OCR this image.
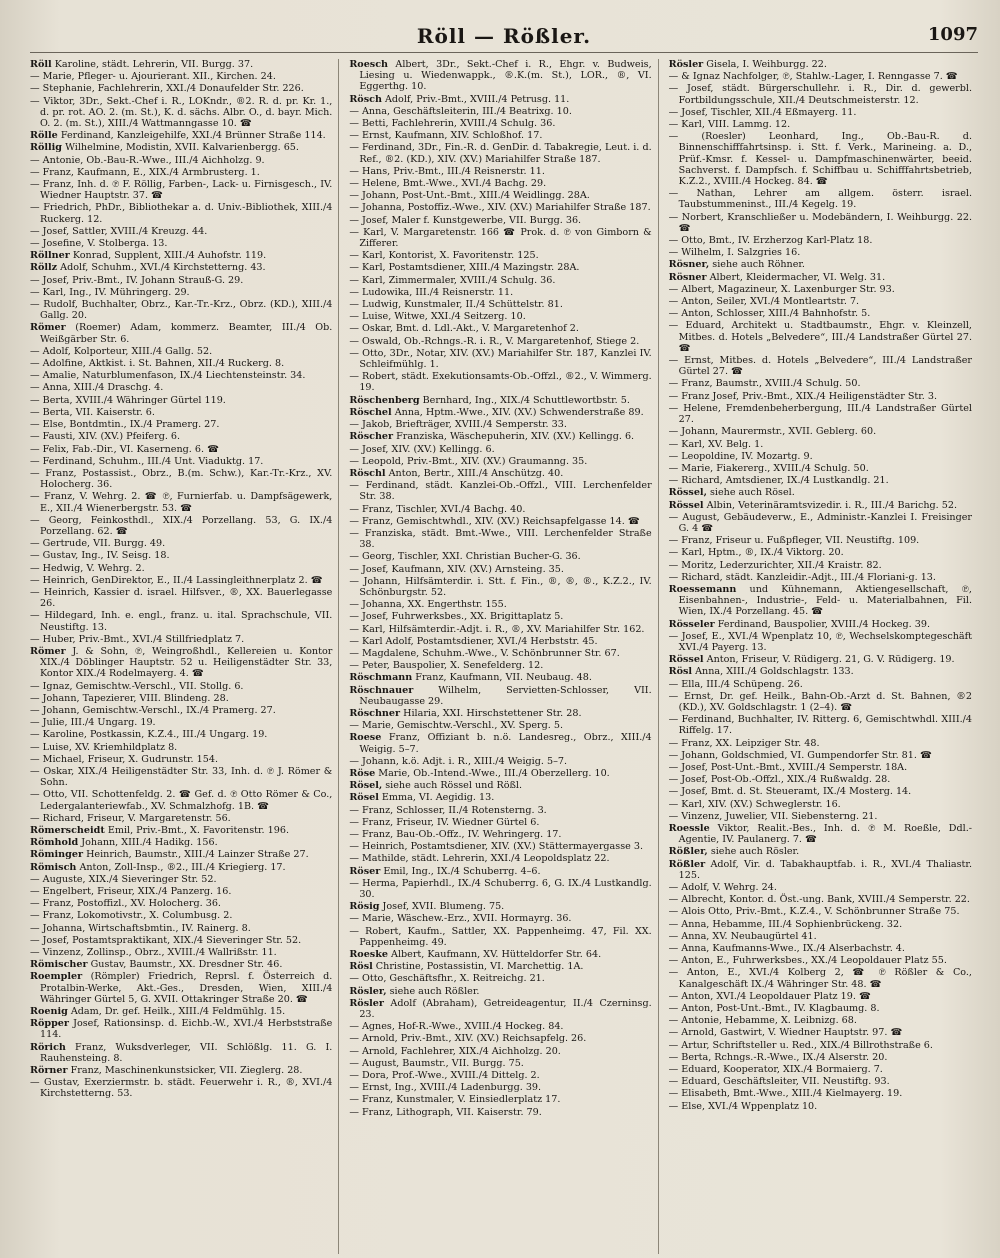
Röll — Rößler.	1097
Röll Karoline, städt. Lehrerin, VII. Burgg. 37.
— Marie, Pfleger- u. Ajourierant. XII., Kirchen. 24.
— Stephanie, Fachlehrerin, XXI./4 Donaufelder Str. 226.
— Viktor, 3Dr., Sekt.-Chef i. R., LOKndr., ®2. R. d. pr. Kr. 1., d. pr. rot. AO. 2. (m. St.), K. d. sächs. Albr. O., d. bayr. Mich. O. 2. (m. St.), XIII./4 Wattmanngasse 10. ☎
Rölle Ferdinand, Kanzleigehilfe, XXI./4 Brünner Straße 114.
Röllig Wilhelmine, Modistin, XVII. Kalvarienbergg. 65.
— Antonie, Ob.-Bau-R.-Wwe., III./4 Aichholzg. 9.
— Franz, Kaufmann, E., XIX./4 Armbrusterg. 1.
— Franz, Inh. d. ℗ F. Röllig, Farben-, Lack- u. Firnisgesch., IV. Wiedner Hauptstr. 37. ☎
— Friedrich, PhDr., Bibliothekar a. d. Univ.-Bibliothek, XIII./4 Ruckerg. 12.
— Josef, Sattler, XVIII./4 Kreuzg. 44.
— Josefine, V. Stolberga. 13.
Röllner Konrad, Supplent, XIII./4 Auhofstr. 119.
Röllz Adolf, Schuhm., XVI./4 Kirchstetterng. 43.
— Josef, Priv.-Bmt., IV. Johann Strauß-G. 29.
— Karl, Ing., IV. Mühringerg. 29.
— Rudolf, Buchhalter, Obrz., Kar.-Tr.-Krz., Obrz. (KD.), XIII./4 Gallg. 20.
Römer (Roemer) Adam, kommerz. Beamter, III./4 Ob. Weißgärber Str. 6.
— Adolf, Kolporteur, XIII./4 Gallg. 52.
— Adolfine, Aktkist. i. St. Bahnen, XII./4 Ruckerg. 8.
— Amalie, Naturblumenfason, IX./4 Liechtensteinstr. 34.
— Anna, XIII./4 Draschg. 4.
— Berta, XVIII./4 Währinger Gürtel 119.
— Berta, VII. Kaiserstr. 6.
— Else, Bontdmtin., IX./4 Pramerg. 27.
— Fausti, XIV. (XV.) Pfeiferg. 6.
— Felix, Fab.-Dir., VI. Kaserneng. 6. ☎
— Ferdinand, Schuhm., III./4 Unt. Viaduktg. 17.
— Franz, Postassist., Obrz., B.(m. Schw.), Kar.-Tr.-Krz., XV. Holocherg. 36.
— Franz, V. Wehrg. 2. ☎ ℗, Furnierfab. u. Dampfsägewerk, E., XII./4 Wienerbergstr. 53. ☎
— Georg, Feinkosthdl., XIX./4 Porzellang. 53, G. IX./4 Porzellang. 62. ☎
— Gertrude, VII. Burgg. 49.
— Gustav, Ing., IV. Seisg. 18.
— Hedwig, V. Wehrg. 2.
— Heinrich, GenDirektor, E., II./4 Lassingleithnerplatz 2. ☎
— Heinrich, Kassier d. israel. Hilfsver., ®, XX. Bauerlegasse 26.
— Hildegard, Inh. e. engl., franz. u. ital. Sprachschule, VII. Neustiftg. 13.
— Huber, Priv.-Bmt., XVI./4 Stillfriedplatz 7.
Römer J. & Sohn, ℗, Weingroßhdl., Kellereien u. Kontor XIX./4 Döblinger Hauptstr. 52 u. Heiligenstädter Str. 33, Kontor XIX./4 Rodelmayerg. 4. ☎
— Ignaz, Gemischtw.-Verschl., VII. Stollg. 6.
— Johann, Tapezierer, VIII. Blindeng. 28.
— Johann, Gemischtw.-Verschl., IX./4 Pramerg. 27.
— Julie, III./4 Ungarg. 19.
— Karoline, Postkassin, K.Z.4., III./4 Ungarg. 19.
— Luise, XV. Kriemhildplatz 8.
— Michael, Friseur, X. Gudrunstr. 154.
— Oskar, XIX./4 Heiligenstädter Str. 33, Inh. d. ℗ J. Römer & Sohn.
— Otto, VII. Schottenfeldg. 2. ☎ Gef. d. ℗ Otto Römer & Co., Ledergalanteriewfab., XV. Schmalzhofg. 1B. ☎
— Richard, Friseur, V. Margaretenstr. 56.
Römerscheidt Emil, Priv.-Bmt., X. Favoritenstr. 196.
Römhold Johann, XIII./4 Hadikg. 156.
Röminger Heinrich, Baumstr., XIII./4 Lainzer Straße 27.
Römisch Anton, Zoll-Insp., ®2., III./4 Kriegierg. 17.
— Auguste, XIX./4 Sieveringer Str. 52.
— Engelbert, Friseur, XIX./4 Panzerg. 16.
— Franz, Postoffizl., XV. Holocherg. 36.
— Franz, Lokomotivstr., X. Columbusg. 2.
— Johanna, Wirtschaftsbmtin., IV. Rainerg. 8.
— Josef, Postamtspraktikant, XIX./4 Sieveringer Str. 52.
— Vinzenz, Zollinsp., Obrz., XVIII./4 Wallrißstr. 11.
Römischer Gustav, Baumstr., XX. Dresdner Str. 46.
Roempler (Römpler) Friedrich, Reprsl. f. Österreich d. Protalbin-Werke, Akt.-Ges., Dresden, Wien, XIII./4 Währinger Gürtel 5, G. XVII. Ottakringer Straße 20. ☎
Roenig Adam, Dr. gef. Heilk., XIII./4 Feldmühlg. 15.
Röpper Josef, Rationsinsp. d. Eichb.-W., XVI./4 Herbststraße 114.
Rörich Franz, Wuksdverleger, VII. Schlößlg. 11. G. I. Rauhensteing. 8.
Rörner Franz, Maschinenkunstsicker, VII. Zieglerg. 28.
— Gustav, Exerziermstr. b. städt. Feuerwehr i. R., ®, XVI./4 Kirchstetterng. 53.
Roesch Albert, 3Dr., Sekt.-Chef i. R., Ehgr. v. Budweis, Liesing u. Wiedenwappk., ®.K.(m. St.), LOR., ®, VI. Eggerthg. 10.
Rösch Adolf, Priv.-Bmt., XVIII./4 Petrusg. 11.
— Anna, Geschäftsleiterin, III./4 Beatrixg. 10.
— Betti, Fachlehrerin, XVIII./4 Schulg. 36.
— Ernst, Kaufmann, XIV. Schloßhof. 17.
— Ferdinand, 3Dr., Fin.-R. d. GenDir. d. Tabakregie, Leut. i. d. Ref., ®2. (KD.), XIV. (XV.) Mariahilfer Straße 187.
— Hans, Priv.-Bmt., III./4 Reisnerstr. 11.
— Helene, Bmt.-Wwe., XVI./4 Bachg. 29.
— Johann, Post-Unt.-Bmt., XIII./4 Weidlingg. 28A.
— Johanna, Postoffiz.-Wwe., XIV. (XV.) Mariahilfer Straße 187.
— Josef, Maler f. Kunstgewerbe, VII. Burgg. 36.
— Karl, V. Margaretenstr. 166 ☎ Prok. d. ℗ von Gimborn & Zifferer.
— Karl, Kontorist, X. Favoritenstr. 125.
— Karl, Postamtsdiener, XIII./4 Mazingstr. 28A.
— Karl, Zimmermaler, XVIII./4 Schulg. 36.
— Ludowika, III./4 Reisnerstr. 11.
— Ludwig, Kunstmaler, II./4 Schüttelstr. 81.
— Luise, Witwe, XXI./4 Seitzerg. 10.
— Oskar, Bmt. d. Ldl.-Akt., V. Margaretenhof 2.
— Oswald, Ob.-Rchngs.-R. i. R., V. Margaretenhof, Stiege 2.
— Otto, 3Dr., Notar, XIV. (XV.) Mariahilfer Str. 187, Kanzlei IV. Schleifmühlg. 1.
— Robert, städt. Exekutionsamts-Ob.-Offzl., ®2., V. Wimmerg. 19.
Röschenberg Bernhard, Ing., XIX./4 Schuttlewortbstr. 5.
Röschel Anna, Hptm.-Wwe., XIV. (XV.) Schwenderstraße 89.
— Jakob, Briefträger, XVIII./4 Semperstr. 33.
Röscher Franziska, Wäschepuherin, XIV. (XV.) Kellingg. 6.
— Josef, XIV. (XV.) Kellingg. 6.
— Leopold, Priv.-Bmt., XIV. (XV.) Graumanng. 35.
Röschl Anton, Bertr., XIII./4 Anschützg. 40.
— Ferdinand, städt. Kanzlei-Ob.-Offzl., VIII. Lerchenfelder Str. 38.
— Franz, Tischler, XVI./4 Bachg. 40.
— Franz, Gemischtwhdl., XIV. (XV.) Reichsapfelgasse 14. ☎
— Franziska, städt. Bmt.-Wwe., VIII. Lerchenfelder Straße 38.
— Georg, Tischler, XXI. Christian Bucher-G. 36.
— Josef, Kaufmann, XIV. (XV.) Arnsteing. 35.
— Johann, Hilfsämterdir. i. Stt. f. Fin., ®, ®, ®., K.Z.2., IV. Schönburgstr. 52.
— Johanna, XX. Engerthstr. 155.
— Josef, Fuhrwerksbes., XX. Brigittaplatz 5.
— Karl, Hilfsämterdir.-Adjt. i. R., ®, XV. Mariahilfer Str. 162.
— Karl Adolf, Postamtsdiener, XVI./4 Herbststr. 45.
— Magdalene, Schuhm.-Wwe., V. Schönbrunner Str. 67.
— Peter, Bauspolier, X. Senefelderg. 12.
Röschmann Franz, Kaufmann, VII. Neubaug. 48.
Röschnauer Wilhelm, Servietten-Schlosser, VII. Neubaugasse 29.
Röschner Hilaria, XXI. Hirschstettener Str. 28.
— Marie, Gemischtw.-Verschl., XV. Sperg. 5.
Roese Franz, Offiziant b. n.ö. Landesreg., Obrz., XIII./4 Weigig. 5–7.
— Johann, k.ö. Adjt. i. R., XIII./4 Weigig. 5–7.
Röse Marie, Ob.-Intend.-Wwe., III./4 Oberzellerg. 10.
Rösel, siehe auch Rössel und Rößl.
Rösel Emma, VI. Aegidig. 13.
— Franz, Schlosser, II./4 Rotensterng. 3.
— Franz, Friseur, IV. Wiedner Gürtel 6.
— Franz, Bau-Ob.-Offz., IV. Wehringerg. 17.
— Heinrich, Postamtsdiener, XIV. (XV.) Stättermayergasse 3.
— Mathilde, städt. Lehrerin, XXI./4 Leopoldsplatz 22.
Röser Emil, Ing., IX./4 Schuberrg. 4–6.
— Herma, Papierhdl., IX./4 Schuberrg. 6, G. IX./4 Lustkandlg. 30.
Rösig Josef, XVII. Blumeng. 75.
— Marie, Wäschew.-Erz., XVII. Hormayrg. 36.
— Robert, Kaufm., Sattler, XX. Pappenheimg. 47, Fil. XX. Pappenheimg. 49.
Roeske Albert, Kaufmann, XV. Hütteldorfer Str. 64.
Rösl Christine, Postassistin, VI. Marchettig. 1A.
— Otto, Geschäftsfhr., X. Reitreichg. 21.
Rösler, siehe auch Rößler.
Rösler Adolf (Abraham), Getreideagentur, II./4 Czerninsg. 23.
— Agnes, Hof-R.-Wwe., XVIII./4 Hockeg. 84.
— Arnold, Priv.-Bmt., XIV. (XV.) Reichsapfelg. 26.
— Arnold, Fachlehrer, XIX./4 Aichholzg. 20.
— August, Baumstr., VII. Burgg. 75.
— Dora, Prof.-Wwe., XVIII./4 Dittelg. 2.
— Ernst, Ing., XVIII./4 Ladenburgg. 39.
— Franz, Kunstmaler, V. Einsiedlerplatz 17.
— Franz, Lithograph, VII. Kaiserstr. 79.
Rösler Gisela, I. Weihburgg. 22.
— & Ignaz Nachfolger, ℗, Stahlw.-Lager, I. Renngasse 7. ☎
— Josef, städt. Bürgerschullehr. i. R., Dir. d. gewerbl. Fortbildungsschule, XII./4 Deutschmeisterstr. 12.
— Josef, Tischler, XII./4 Eßmayerg. 11.
— Karl, VIII. Lammg. 12.
— (Roesler) Leonhard, Ing., Ob.-Bau-R. d. Binnenschifffahrtsinsp. i. Stt. f. Verk., Marineing. a. D., Prüf.-Kmsr. f. Kessel- u. Dampfmaschinenwärter, beeid. Sachverst. f. Dampfsch. f. Schiffbau u. Schifffahrtsbetrieb, K.Z.2., XVIII./4 Hockeg. 84. ☎
— Nathan, Lehrer am allgem. österr. israel. Taubstummeninst., III./4 Kegelg. 19.
— Norbert, Kranschließer u. Modebändern, I. Weihburgg. 22. ☎
— Otto, Bmt., IV. Erzherzog Karl-Platz 18.
— Wilhelm, I. Salzgries 16.
Rösner, siehe auch Röhner.
Rösner Albert, Kleidermacher, VI. Welg. 31.
— Albert, Magazineur, X. Laxenburger Str. 93.
— Anton, Seiler, XVI./4 Montleartstr. 7.
— Anton, Schlosser, XIII./4 Bahnhofstr. 5.
— Eduard, Architekt u. Stadtbaumstr., Ehgr. v. Kleinzell, Mitbes. d. Hotels „Belvedere“, III./4 Landstraßer Gürtel 27. ☎
— Ernst, Mitbes. d. Hotels „Belvedere“, III./4 Landstraßer Gürtel 27. ☎
— Franz, Baumstr., XVIII./4 Schulg. 50.
— Franz Josef, Priv.-Bmt., XIX./4 Heiligenstädter Str. 3.
— Helene, Fremdenbeherbergung, III./4 Landstraßer Gürtel 27.
— Johann, Maurermstr., XVII. Geblerg. 60.
— Karl, XV. Belg. 1.
— Leopoldine, IV. Mozartg. 9.
— Marie, Fiakererg., XVIII./4 Schulg. 50.
— Richard, Amtsdiener, IX./4 Lustkandlg. 21.
Rössel, siehe auch Rösel.
Rössel Albin, Veterinäramtsvizedir. i. R., III./4 Barichg. 52.
— August, Gebäudeverw., E., Administr.-Kanzlei I. Freisinger G. 4 ☎
— Franz, Friseur u. Fußpfleger, VII. Neustiftg. 109.
— Karl, Hptm., ®, IX./4 Viktorg. 20.
— Moritz, Lederzurichter, XII./4 Kraistr. 82.
— Richard, städt. Kanzleidir.-Adjt., III./4 Floriani-g. 13.
Roessemann und Kühnemann, Aktiengesellschaft, ℗, Eisenbahnen-, Industrie-, Feld- u. Materialbahnen, Fil. Wien, IX./4 Porzellang. 45. ☎
Rösseler Ferdinand, Bauspolier, XVIII./4 Hockeg. 39.
— Josef, E., XVI./4 Wpenplatz 10, ℗, Wechselskomptegeschäft XVI./4 Payerg. 13.
Rössel Anton, Friseur, V. Rüdigerg. 21, G. V. Rüdigerg. 19.
Rösl Anna, XIII./4 Goldschlagstr. 133.
— Ella, III./4 Schüpeng. 26.
— Ernst, Dr. gef. Heilk., Bahn-Ob.-Arzt d. St. Bahnen, ®2 (KD.), XV. Goldschlagstr. 1 (2–4). ☎
— Ferdinand, Buchhalter, IV. Ritterg. 6, Gemischtwhdl. XIII./4 Riffelg. 17.
— Franz, XX. Leipziger Str. 48.
— Johann, Goldschmied, VI. Gumpendorfer Str. 81. ☎
— Josef, Post-Unt.-Bmt., XVIII./4 Semperstr. 18A.
— Josef, Post-Ob.-Offzl., XIX./4 Rußwaldg. 28.
— Josef, Bmt. d. St. Steueramt, IX./4 Mosterg. 14.
— Karl, XIV. (XV.) Schweglerstr. 16.
— Vinzenz, Juwelier, VII. Siebensterng. 21.
Roessle Viktor, Realit.-Bes., Inh. d. ℗ M. Roeßle, Ddl.-Agentie, IV. Paulanerg. 7. ☎
Rößler, siehe auch Rösler.
Rößler Adolf, Vir. d. Tabakhauptfab. i. R., XVI./4 Thaliastr. 125.
— Adolf, V. Wehrg. 24.
— Albrecht, Kontor. d. Öst.-ung. Bank, XVIII./4 Semperstr. 22.
— Alois Otto, Priv.-Bmt., K.Z.4., V. Schönbrunner Straße 75.
— Anna, Hebamme, III./4 Sophienbrückeng. 32.
— Anna, XV. Neubaugürtel 41.
— Anna, Kaufmanns-Wwe., IX./4 Alserbachstr. 4.
— Anton, E., Fuhrwerksbes., XX./4 Leopoldauer Platz 55.
— Anton, E., XVI./4 Kolberg 2, ☎ ℗ Rößler & Co., Kanalgeschäft IX./4 Währinger Str. 48. ☎
— Anton, XVI./4 Leopoldauer Platz 19. ☎
— Anton, Post-Unt.-Bmt., IV. Klagbaumg. 8.
— Antonie, Hebamme, X. Leibnizg. 68.
— Arnold, Gastwirt, V. Wiedner Hauptstr. 97. ☎
— Artur, Schriftsteller u. Red., XIX./4 Billrothstraße 6.
— Berta, Rchngs.-R.-Wwe., IX./4 Alserstr. 20.
— Eduard, Kooperator, XIX./4 Bormaierg. 7.
— Eduard, Geschäftsleiter, VII. Neustiftg. 93.
— Elisabeth, Bmt.-Wwe., XIII./4 Kielmayerg. 19.
— Else, XVI./4 Wppenplatz 10.
